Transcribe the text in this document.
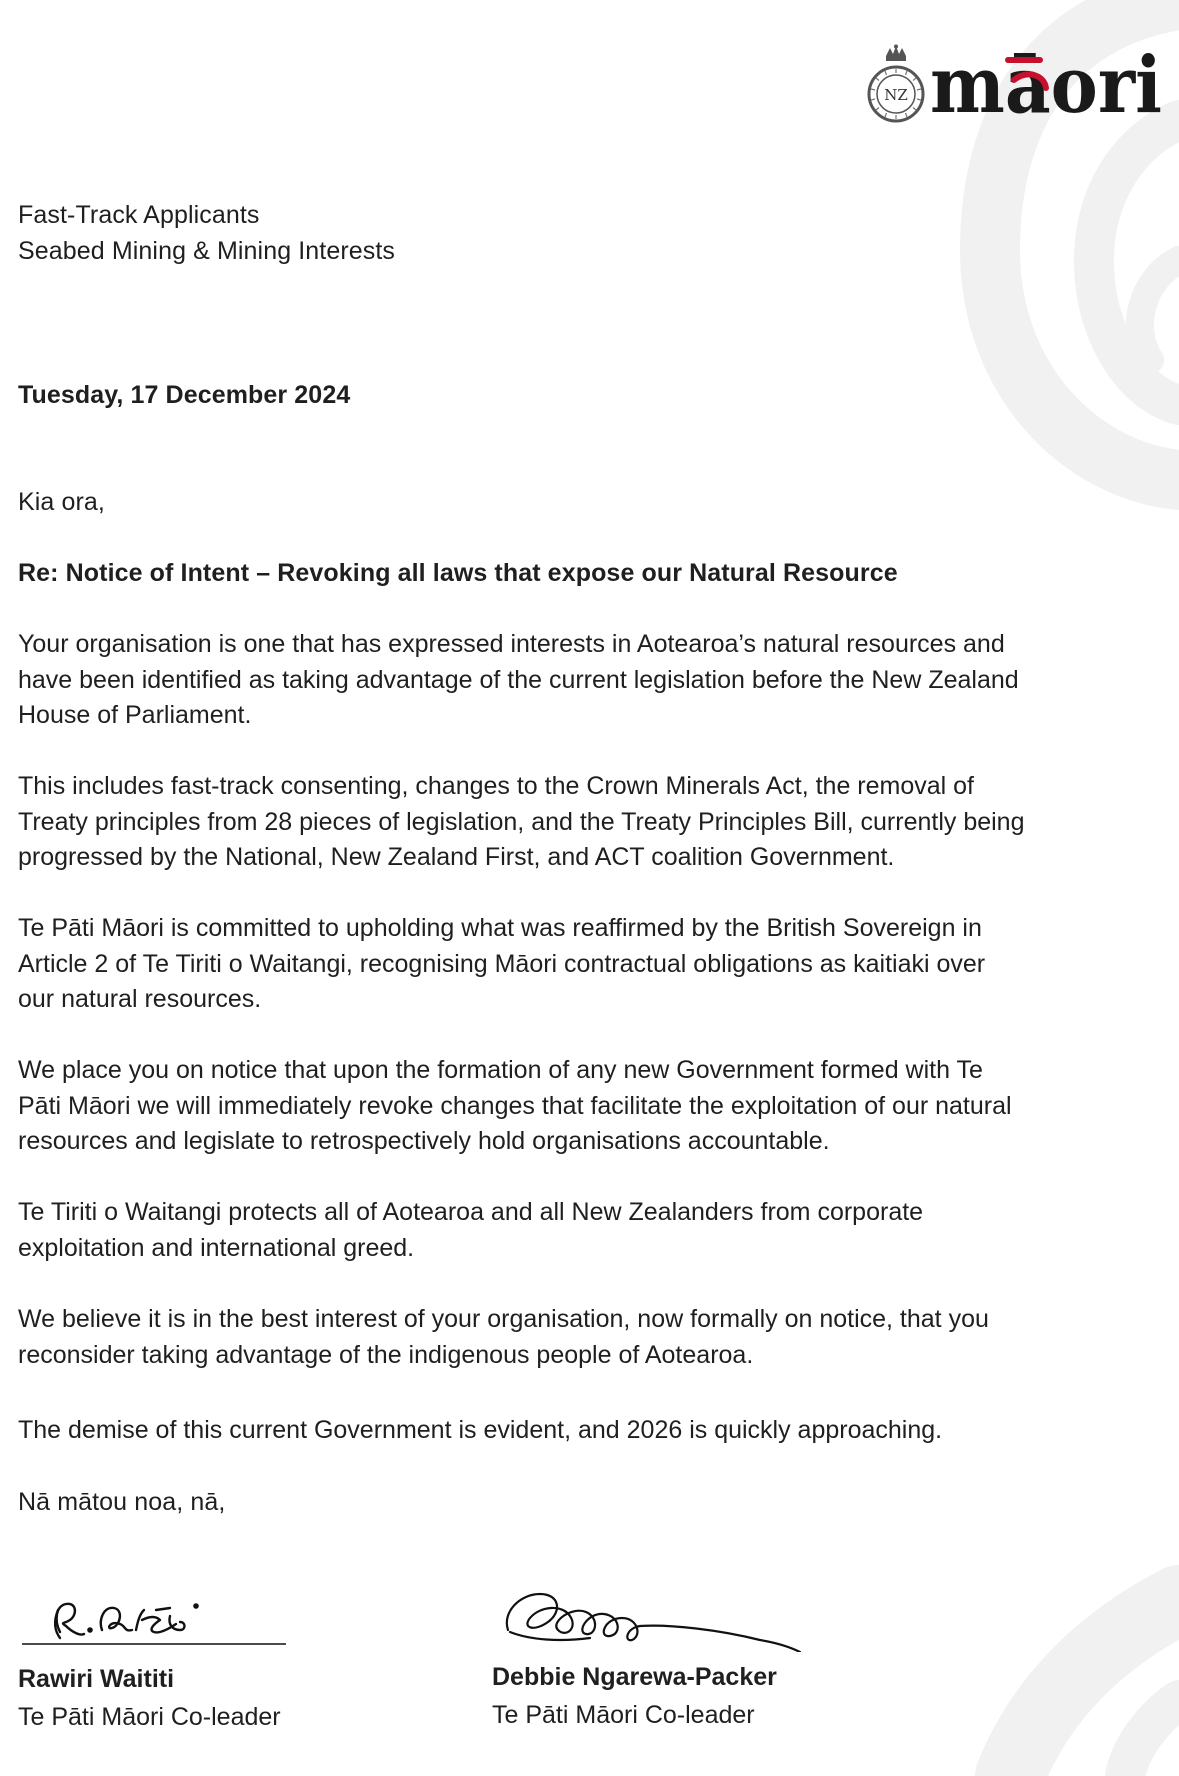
NZ māori
Fast-Track Applicants
Seabed Mining & Mining Interests
Tuesday, 17 December 2024
Kia ora,
Re: Notice of Intent – Revoking all laws that expose our Natural Resource
Your organisation is one that has expressed interests in Aotearoa’s natural resources and
have been identified as taking advantage of the current legislation before the New Zealand
House of Parliament.
This includes fast-track consenting, changes to the Crown Minerals Act, the removal of
Treaty principles from 28 pieces of legislation, and the Treaty Principles Bill, currently being
progressed by the National, New Zealand First, and ACT coalition Government.
Te Pāti Māori is committed to upholding what was reaffirmed by the British Sovereign in
Article 2 of Te Tiriti o Waitangi, recognising Māori contractual obligations as kaitiaki over
our natural resources.
We place you on notice that upon the formation of any new Government formed with Te
Pāti Māori we will immediately revoke changes that facilitate the exploitation of our natural
resources and legislate to retrospectively hold organisations accountable.
Te Tiriti o Waitangi protects all of Aotearoa and all New Zealanders from corporate
exploitation and international greed.
We believe it is in the best interest of your organisation, now formally on notice, that you
reconsider taking advantage of the indigenous people of Aotearoa.
The demise of this current Government is evident, and 2026 is quickly approaching.
Nā mātou noa, nā,
Rawiri Waititi
Te Pāti Māori Co-leader
Debbie Ngarewa-Packer
Te Pāti Māori Co-leader
